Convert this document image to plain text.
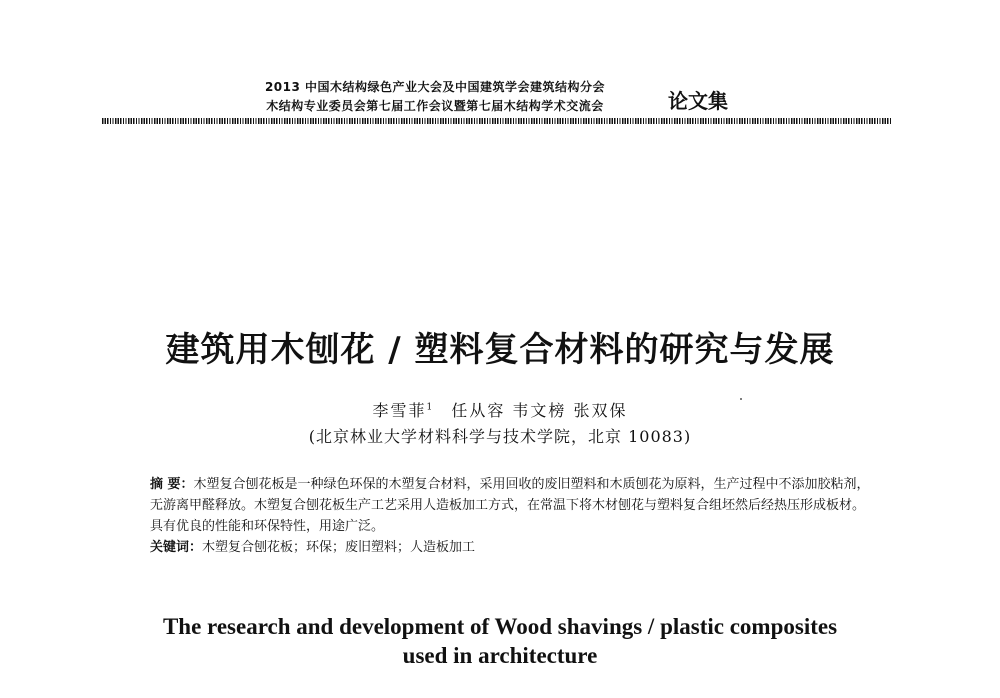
2013 中国木结构绿色产业大会及中国建筑学会建筑结构分会
木结构专业委员会第七届工作会议暨第七届木结构学术交流会	论文集
建筑用木刨花 / 塑料复合材料的研究与发展
李雪菲$^1$ 任从容 韦文榜 张双保
(北京林业大学材料科学与技术学院，北京 10083)
摘 要：木塑复合刨花板是一种绿色环保的木塑复合材料，采用回收的废旧塑料和木质刨花为原料，生产过程中不添加胶粘剂，无游离甲醛释放。木塑复合刨花板生产工艺采用人造板加工方式，在常温下将木材刨花与塑料复合组坯然后经热压形成板材。具有优良的性能和环保特性，用途广泛。
关键词：木塑复合刨花板；环保；废旧塑料；人造板加工
The research and development of Wood shavings / plastic composites
used in architecture
